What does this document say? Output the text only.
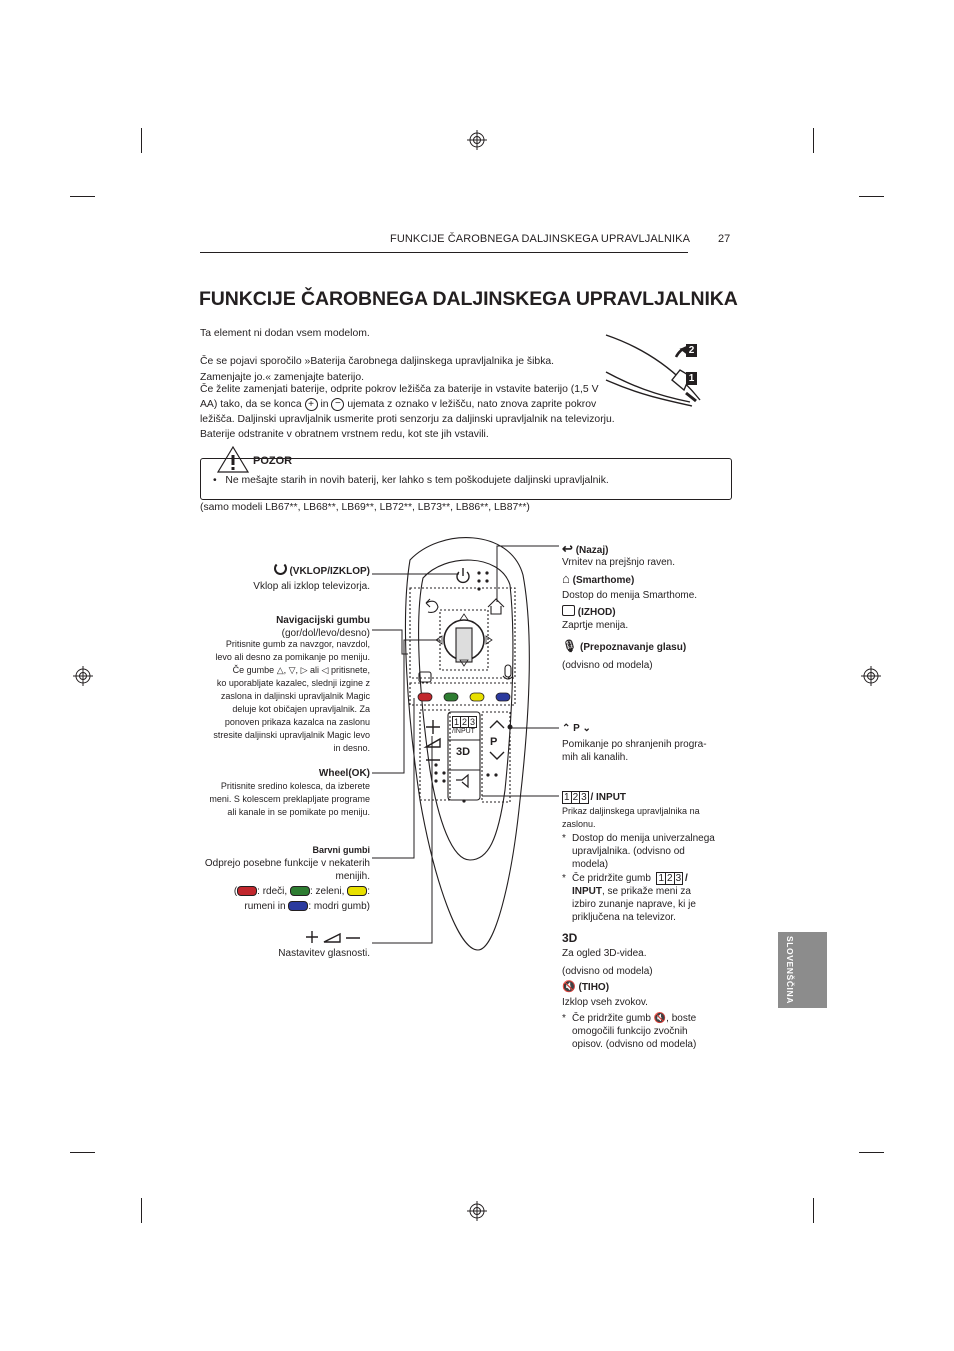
FUNKCIJE ČAROBNEGA DALJINSKEGA UPRAVLJALNIKA	27
FUNKCIJE ČAROBNEGA DALJINSKEGA UPRAVLJALNIKA
Ta element ni dodan vsem modelom.
Če se pojavi sporočilo »Baterija čarobnega daljinskega upravljalnika je šibka. Zamenjajte jo.« zamenjajte baterijo.
Če želite zamenjati baterije, odprite pokrov ležišča za baterije in vstavite baterijo (1,5 V
AA) tako, da se konca + in − ujemata z oznako v ležišču, nato znova zaprite pokrov
ležišča. Daljinski upravljalnik usmerite proti senzorju za daljinski upravljalnik na televizorju.
Baterije odstranite v obratnem vrstnem redu, kot ste jih vstavili.
2
1
POZOR
•   Ne mešajte starih in novih baterij, ker lahko s tem poškodujete daljinski upravljalnik.
(samo modeli LB67**, LB68**, LB69**, LB72**, LB73**, LB86**, LB87**)
1 2 3
/INPUT
P
3D
(VKLOP/IZKLOP)
Vklop ali izklop televizorja.
Navigacijski gumbu
(gor/dol/levo/desno)
Pritisnite gumb za navzgor, navzdol,
levo ali desno za pomikanje po meniju.
Če gumbe △, ▽, ▷ ali ◁ pritisnete,
ko uporabljate kazalec, slednji izgine z
zaslona in daljinski upravljalnik Magic
deluje kot običajen upravljalnik. Za
ponoven prikaza kazalca na zaslonu
stresite daljinski upravljalnik Magic levo
in desno.
Wheel(OK)
Pritisnite sredino kolesca, da izberete
meni. S kolescem preklapljate programe
ali kanale in se pomikate po meniju.
Barvni gumbi
Odprejo posebne funkcije v nekaterih
menijih.
( : rdeči, : zeleni, :
rumeni in : modri gumb)
Nastavitev glasnosti.
↩ (Nazaj)
Vrnitev na prejšnjo raven.
⌂ (Smarthome)
Dostop do menija Smarthome.
(IZHOD)
Zaprtje menija.
🎙 (Prepoznavanje glasu)
(odvisno od modela)
⌃ P ⌄
Pomikanje po shranjenih progra-
mih ali kanalih.
1 2 3 / INPUT
Prikaz daljinskega upravljalnika na
zaslonu.
* Dostop do menija univerzalnega
upravljalnika. (odvisno od
modela)
* Če pridržite gumb 1 2 3 /
INPUT, se prikaže meni za
izbiro zunanje naprave, ki je
priključena na televizor.
3D
Za ogled 3D-videa.
(odvisno od modela)
🔇 (TIHO)
Izklop vseh zvokov.
* Če pridržite gumb 🔇, boste
omogočili funkcijo zvočnih
opisov. (odvisno od modela)
SLOVENŠČINA
